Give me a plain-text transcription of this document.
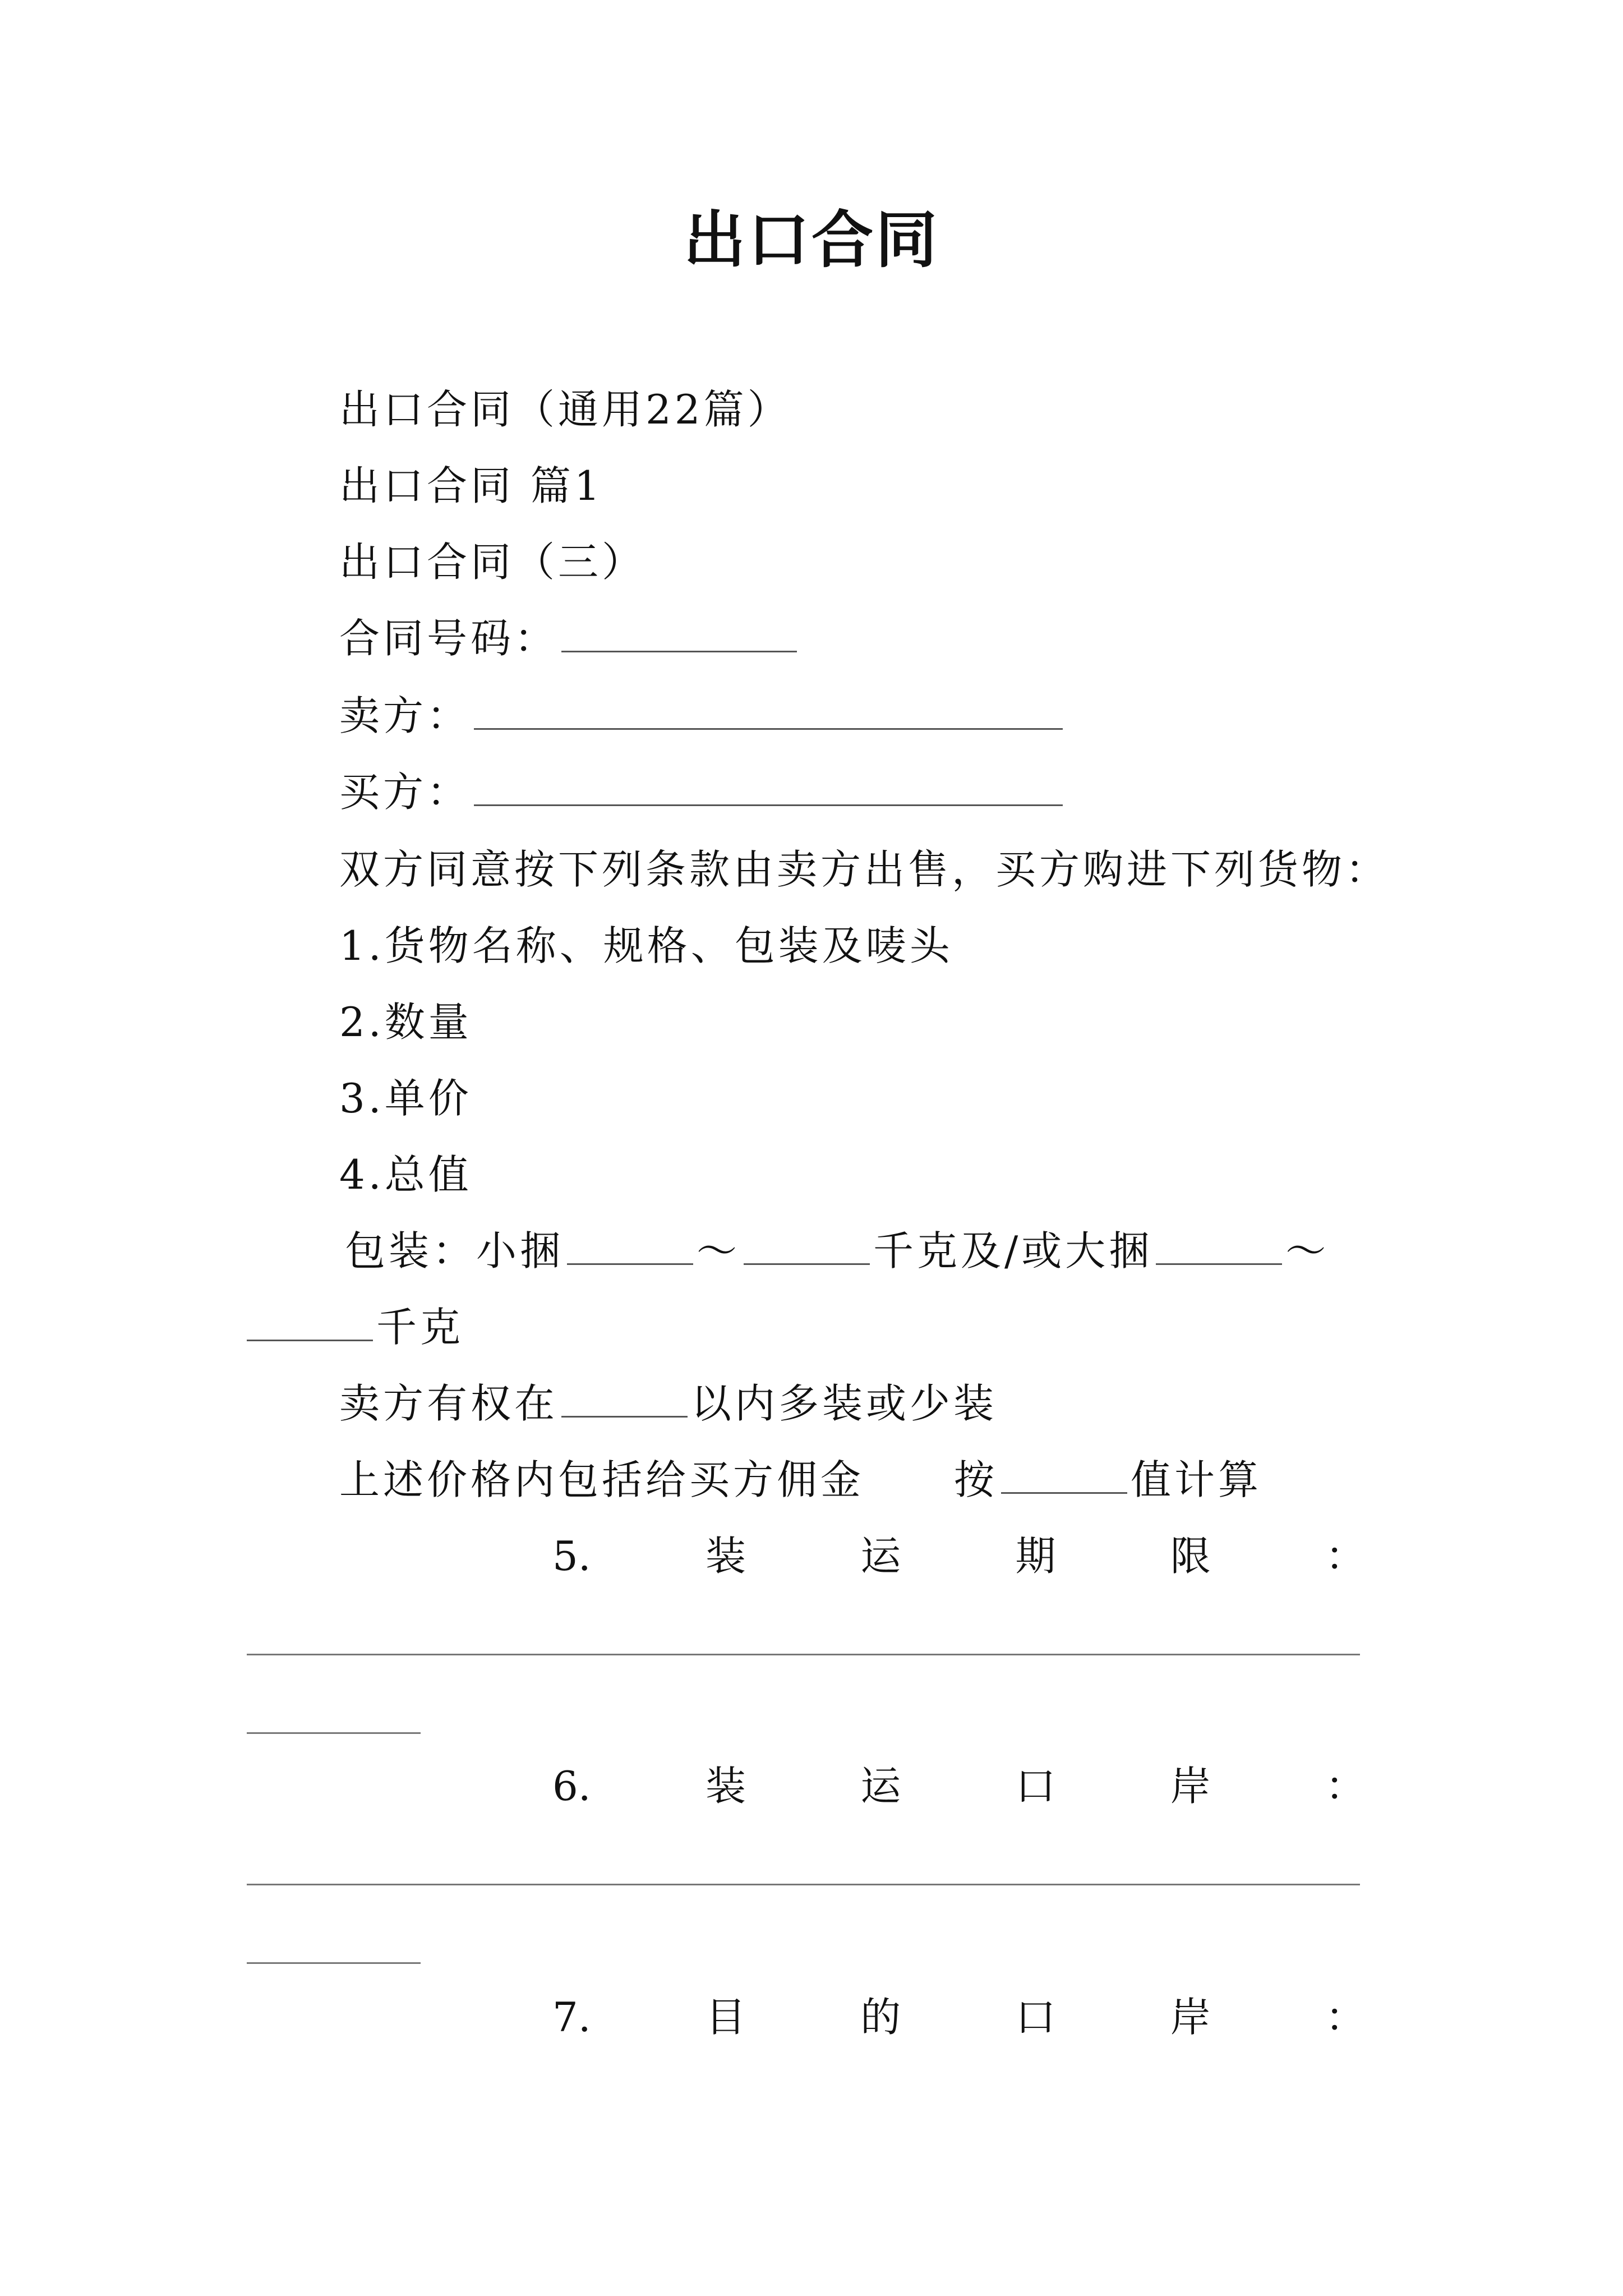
出口合同
出口合同（通用22篇）
出口合同 篇1
出口合同（三）
合同号码：
卖方：
买方：
双方同意按下列条款由卖方出售，买方购进下列货物：
1.货物名称、规格、包装及唛头
2.数量
3.单价
4.总值
包装：小捆	～	千克及/或大捆	～
千克
卖方有权在	以内多装或少装
上述价格内包括给买方佣金 按	值计算
5.	装	运	期	限	：
6.	装	运	口	岸	：
7.	目	的	口	岸	：
